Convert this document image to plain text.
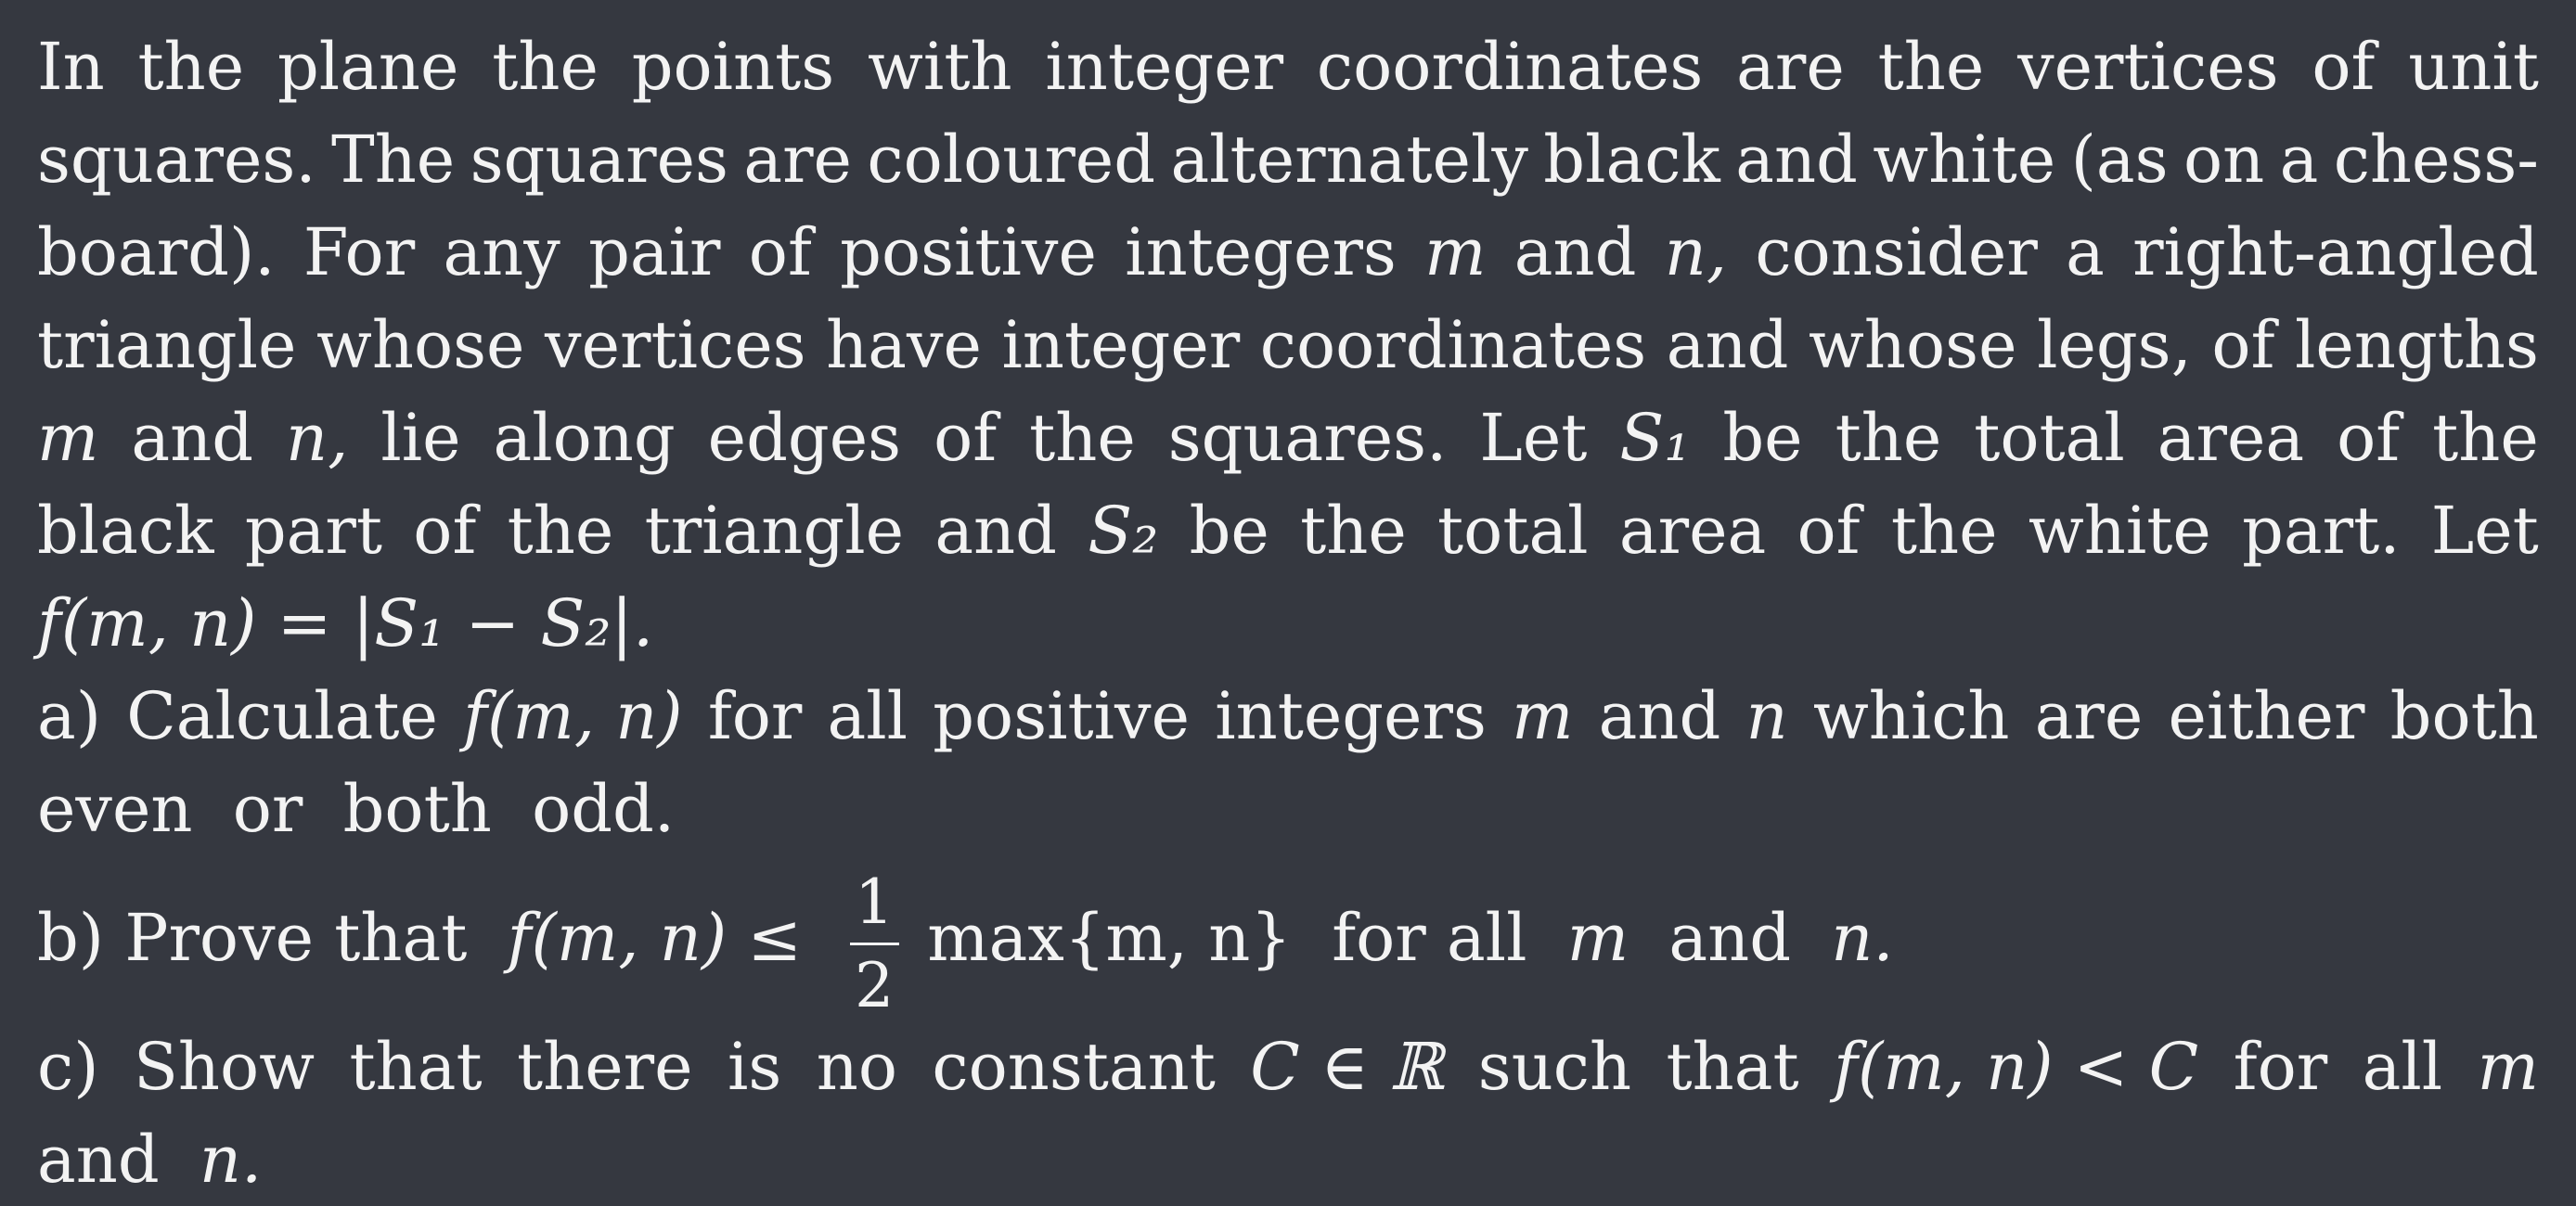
In the plane the points with integer coordinates are the vertices of unit
squares. The squares are coloured alternately black and white (as on a chess-
board). For any pair of positive integers m and n, consider a right-angled
triangle whose vertices have integer coordinates and whose legs, of lengths
m and n, lie along edges of the squares. Let S₁ be the total area of the
black part of the triangle and S₂ be the total area of the white part. Let
f(m, n) = |S₁ − S₂|.
a) Calculate f(m, n) for all positive integers m and n which are either both
even or both odd.
b) Prove that f(m, $n) \le \frac{1}{2} \max\{m$, n} for all m and n.
c) Show that there is no constant C ∈ ℝ such that f(m, n) < C for all m
and n.
